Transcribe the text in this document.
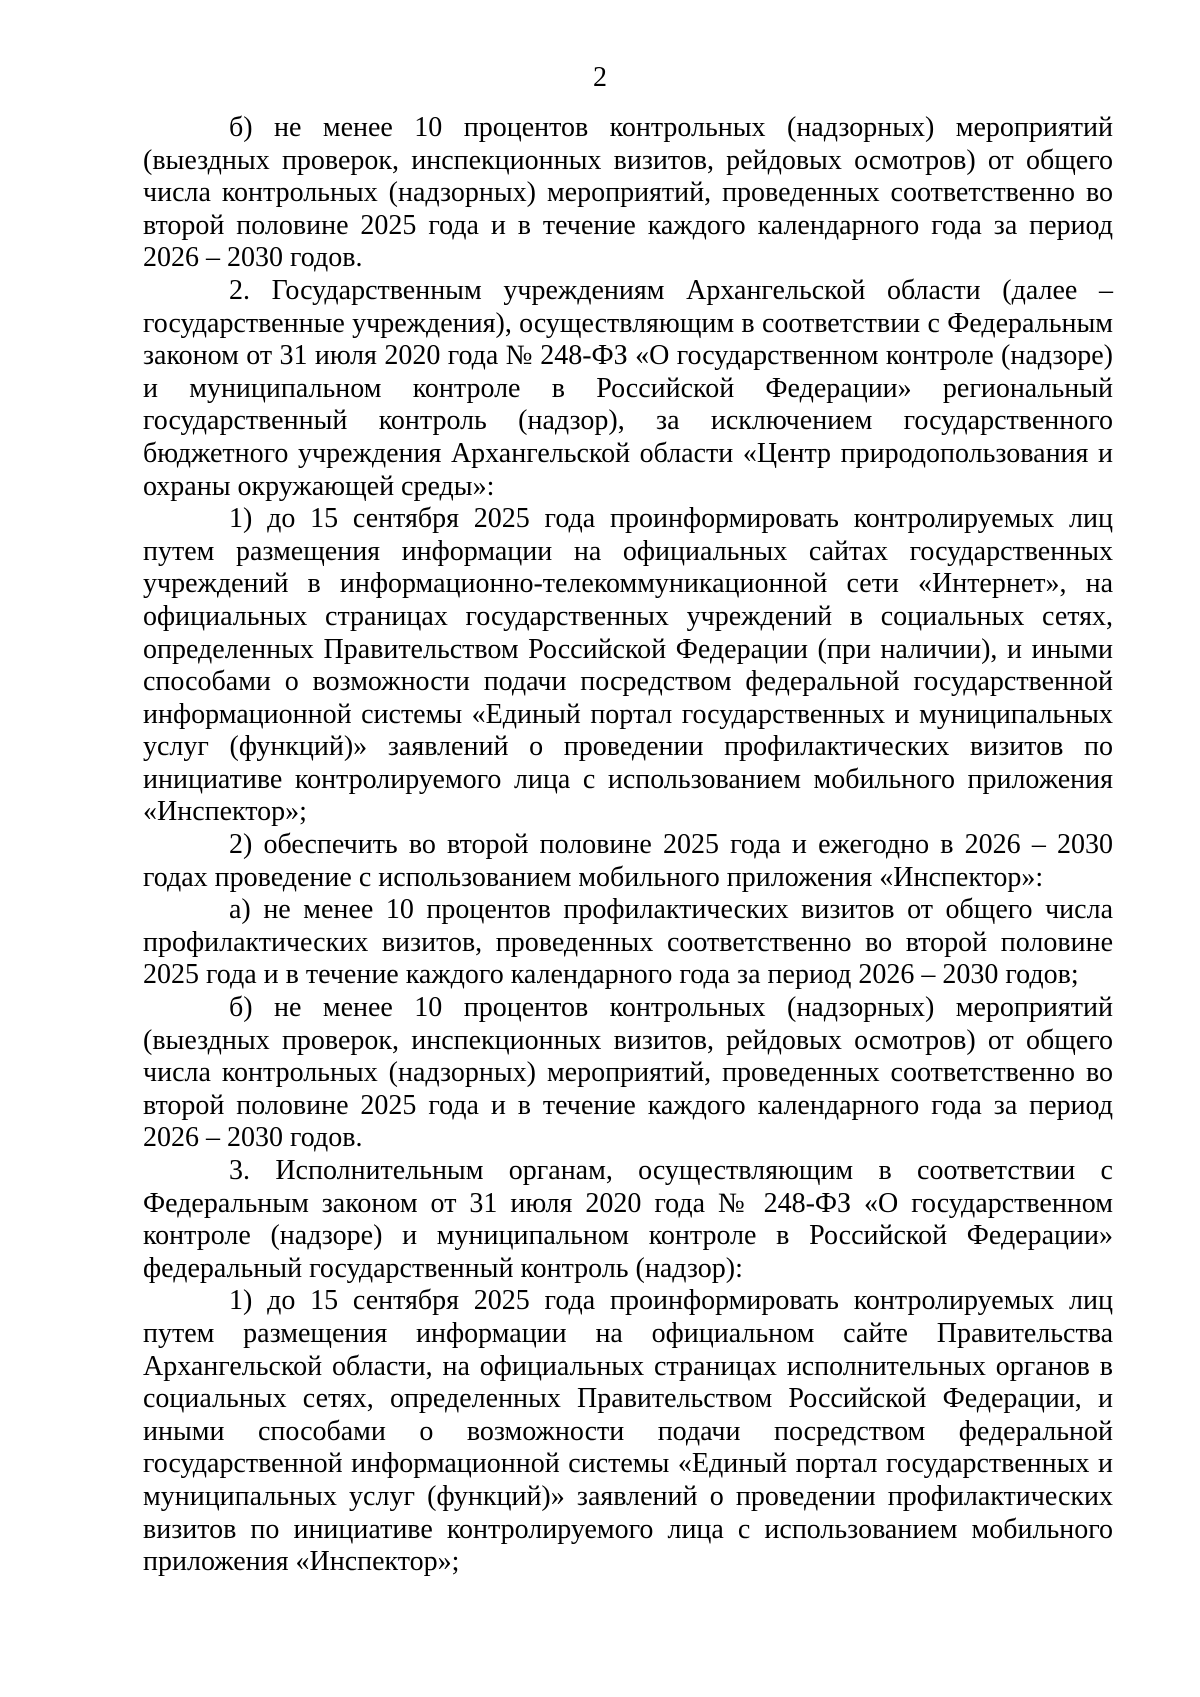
2

б) не менее 10 процентов контрольных (надзорных) мероприятий (выездных проверок, инспекционных визитов, рейдовых осмотров) от общего числа контрольных (надзорных) мероприятий, проведенных соответственно во второй половине 2025 года и в течение каждого календарного года за период 2026 – 2030 годов.

2. Государственным учреждениям Архангельской области (далее – государственные учреждения), осуществляющим в соответствии с Федеральным законом от 31 июля 2020 года № 248-ФЗ «О государственном контроле (надзоре) и муниципальном контроле в Российской Федерации» региональный государственный контроль (надзор), за исключением государственного бюджетного учреждения Архангельской области «Центр природопользования и охраны окружающей среды»:

1) до 15 сентября 2025 года проинформировать контролируемых лиц путем размещения информации на официальных сайтах государственных учреждений в информационно-телекоммуникационной сети «Интернет», на официальных страницах государственных учреждений в социальных сетях, определенных Правительством Российской Федерации (при наличии), и иными способами о возможности подачи посредством федеральной государственной информационной системы «Единый портал государственных и муниципальных услуг (функций)» заявлений о проведении профилактических визитов по инициативе контролируемого лица с использованием мобильного приложения «Инспектор»;

2) обеспечить во второй половине 2025 года и ежегодно в 2026 – 2030 годах проведение с использованием мобильного приложения «Инспектор»:

а) не менее 10 процентов профилактических визитов от общего числа профилактических визитов, проведенных соответственно во второй половине 2025 года и в течение каждого календарного года за период 2026 – 2030 годов;

б) не менее 10 процентов контрольных (надзорных) мероприятий (выездных проверок, инспекционных визитов, рейдовых осмотров) от общего числа контрольных (надзорных) мероприятий, проведенных соответственно во второй половине 2025 года и в течение каждого календарного года за период 2026 – 2030 годов.

3. Исполнительным органам, осуществляющим в соответствии с Федеральным законом от 31 июля 2020 года № 248-ФЗ «О государственном контроле (надзоре) и муниципальном контроле в Российской Федерации» федеральный государственный контроль (надзор):

1) до 15 сентября 2025 года проинформировать контролируемых лиц путем размещения информации на официальном сайте Правительства Архангельской области, на официальных страницах исполнительных органов в социальных сетях, определенных Правительством Российской Федерации, и иными способами о возможности подачи посредством федеральной государственной информационной системы «Единый портал государственных и муниципальных услуг (функций)» заявлений о проведении профилактических визитов по инициативе контролируемого лица с использованием мобильного приложения «Инспектор»;
